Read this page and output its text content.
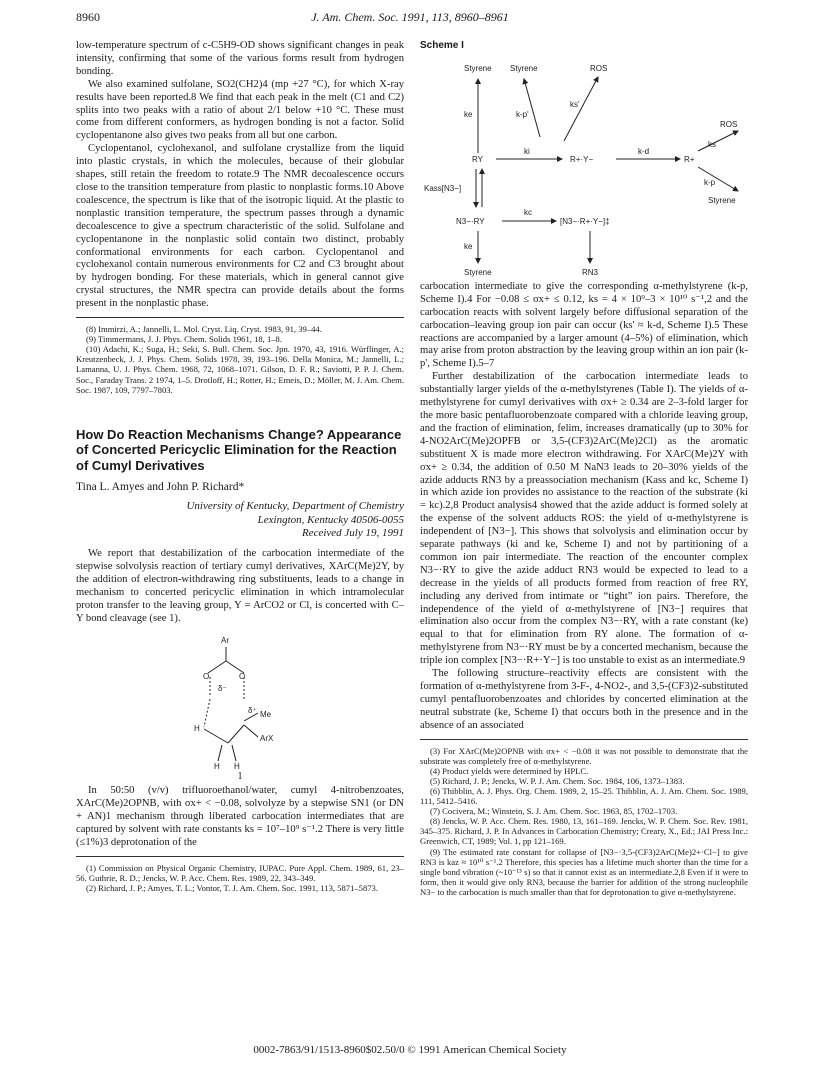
8960	J. Am. Chem. Soc. 1991, 113, 8960–8961

low-temperature spectrum of c-C5H9-OD shows significant changes in peak intensity, confirming that some of the various forms result from hydrogen bonding.

We also examined sulfolane, SO2(CH2)4 (mp +27 °C), for which X-ray results have been reported.8 We find that each peak in the melt (C1 and C2) splits into two peaks with a ratio of about 2/1 below +10 °C. These must come from different conformers, as hydrogen bonding is not a factor. Solid cyclopentanone also gives two peaks from all but one carbon.

Cyclopentanol, cyclohexanol, and sulfolane crystallize from the liquid into plastic crystals, in which the molecules, because of their globular shapes, still retain the freedom to rotate.9 The NMR decoalescence occurs close to the transition temperature from plastic to nonplastic forms.10 Above coalescence, the spectrum is like that of the isotropic liquid. At the plastic to nonplastic transition temperature, the spectrum passes through a dynamic decoalescence to give a spectrum characteristic of the solid. Sulfolane and cyclopentanone in the nonplastic solid contain two distinct, probably conformational environments for each carbon. Cyclopentanol and cyclohexanol contain numerous environments for C2 and C3 brought about by hydrogen bonding. For these materials, which in general cannot give crystal structures, the NMR spectra can provide details about the forms present in the nonplastic phase.

(8) Immirzi, A.; Jannelli, L. Mol. Cryst. Liq. Cryst. 1983, 91, 39–44.
(9) Timmermans, J. J. Phys. Chem. Solids 1961, 18, 1–8.
(10) Adachi, K.; Suga, H.; Seki, S. Bull. Chem. Soc. Jpn. 1970, 43, 1916. Würflinger, A.; Kreutzenbeck, J. J. Phys. Chem. Solids 1978, 39, 193–196. Della Monica, M.; Jannelli, L.; Lamanna, U. J. Phys. Chem. 1968, 72, 1068–1071. Gilson, D. F. R.; Saviotti, P. P. J. Chem. Soc., Faraday Trans. 2 1974, 1–5. Drotloff, H.; Rotter, H.; Emeis, D.; Möller, M. J. Am. Chem. Soc. 1987, 109, 7797–7803.
How Do Reaction Mechanisms Change? Appearance of Concerted Pericyclic Elimination for the Reaction of Cumyl Derivatives
Tina L. Amyes and John P. Richard*
University of Kentucky, Department of Chemistry
Lexington, Kentucky 40506-0055
Received July 19, 1991

We report that destabilization of the carbocation intermediate of the stepwise solvolysis reaction of tertiary cumyl derivatives, XArC(Me)2Y, by the addition of electron-withdrawing ring substituents, leads to a change in mechanism to concerted pericyclic elimination in which intramolecular proton transfer to the leaving group, Y = ArCO2 or Cl, is concerted with C–Y bond cleavage (see 1).

Ar
O
δ⁻
O
δ⁺ Me
ArX
H
H H
1

In 50:50 (v/v) trifluoroethanol/water, cumyl 4-nitrobenzoates, XArC(Me)2OPNB, with σx+ < −0.08, solvolyze by a stepwise SN1 (or DN + AN)1 mechanism through liberated carbocation intermediates that are captured by solvent with rate constants ks = 10⁷–10⁹ s⁻¹.2 There is very little (≤1%)3 deprotonation of the

(1) Commission on Physical Organic Chemistry, IUPAC. Pure Appl. Chem. 1989, 61, 23–56. Guthrie, R. D.; Jencks, W. P. Acc. Chem. Res. 1989, 22, 343–349.
(2) Richard, J. P.; Amyes, T. L.; Vontor, T. J. Am. Chem. Soc. 1991, 113, 5871–5873.
Scheme I
Styrene Styrene	ROS
ke	k-p'
ks'
ROS
ks
RY
ki
R+·Y−
k-d
R+
Kass[N3−]
k-p
Styrene
N3−·RY
kc
[N3−·R+·Y−]‡
ke
Styrene	RN3

carbocation intermediate to give the corresponding α-methylstyrene (k-p, Scheme I).4 For −0.08 ≤ σx+ ≤ 0.12, ks = 4 × 10⁹–3 × 10¹⁰ s⁻¹,2 and the carbocation reacts with solvent largely before diffusional separation of the carbocation–leaving group ion pair can occur (ks' ≈ k-d, Scheme I).5 These reactions are accompanied by a larger amount (4–5%) of elimination, which may arise from proton abstraction by the leaving group within an ion pair (k-p', Scheme I).5–7

Further destabilization of the carbocation intermediate leads to substantially larger yields of the α-methylstyrenes (Table I). The yields of α-methylstyrene for cumyl derivatives with σx+ ≥ 0.34 are 2–3-fold larger for the more basic pentafluorobenzoate compared with a chloride leaving group, and the fraction of elimination, felim, increases dramatically (up to 30% for 4-NO2ArC(Me)2OPFB or 3,5-(CF3)2ArC(Me)2Cl) as the aromatic substituent X is made more electron withdrawing. For XArC(Me)2Y with σx+ ≥ 0.34, the addition of 0.50 M NaN3 leads to 20–30% yields of the azide adducts RN3 by a preassociation mechanism (Kass and kc, Scheme I) in which azide ion provides no assistance to the reaction of the substrate (ki = kc).2,8 Product analysis4 showed that the azide adduct is formed solely at the expense of the solvent adducts ROS: the yield of α-methylstyrene is independent of [N3−]. This shows that solvolysis and elimination occur by separate pathways (ki and ke, Scheme I) and not by partitioning of a common ion pair intermediate. The reaction of the encounter complex N3−·RY to give the azide adduct RN3 would be expected to lead to a decrease in the yields of all products formed from reaction of free RY, including any derived from intimate or “tight” ion pairs. Therefore, the independence of the yield of α-methylstyrene of [N3−] requires that elimination also occur from the complex N3−·RY, with a rate constant (ke) equal to that for elimination from RY alone. The formation of α-methylstyrene from N3−·RY must be by a concerted mechanism, because the triple ion complex [N3−·R+·Y−] is too unstable to exist as an intermediate.9

The following structure–reactivity effects are consistent with the formation of α-methylstyrene from 3-F-, 4-NO2-, and 3,5-(CF3)2-substituted cumyl pentafluorobenzoates and chlorides by concerted elimination at the neutral substrate (ke, Scheme I) that occurs both in the presence and in the absence of an associated

(3) For XArC(Me)2OPNB with σx+ < −0.08 it was not possible to demonstrate that the substrate was completely free of α-methylstyrene.
(4) Product yields were determined by HPLC.
(5) Richard, J. P.; Jencks, W. P. J. Am. Chem. Soc. 1984, 106, 1373–1383.
(6) Thibblin, A. J. Phys. Org. Chem. 1989, 2, 15–25. Thibblin, A. J. Am. Chem. Soc. 1989, 111, 5412–5416.
(7) Cocivera, M.; Winstein, S. J. Am. Chem. Soc. 1963, 85, 1702–1703.
(8) Jencks, W. P. Acc. Chem. Res. 1980, 13, 161–169. Jencks, W. P. Chem. Soc. Rev. 1981, 345–375. Richard, J. P. In Advances in Carbocation Chemistry; Creary, X., Ed.; JAI Press Inc.: Greenwich, CT, 1989; Vol. 1, pp 121–169.
(9) The estimated rate constant for collapse of [N3−·3,5-(CF3)2ArC(Me)2+·Cl−] to give RN3 is kaz ≈ 10¹⁰ s⁻¹.2 Therefore, this species has a lifetime much shorter than the time for a single bond vibration (~10⁻¹³ s) so that it cannot exist as an intermediate.2,8 Even if it were to form, then it would give only RN3, because the barrier for addition of the strong nucleophile N3− to the carbocation is much smaller than that for deprotonation to give α-methylstyrene.
0002-7863/91/1513-8960$02.50/0 © 1991 American Chemical Society
